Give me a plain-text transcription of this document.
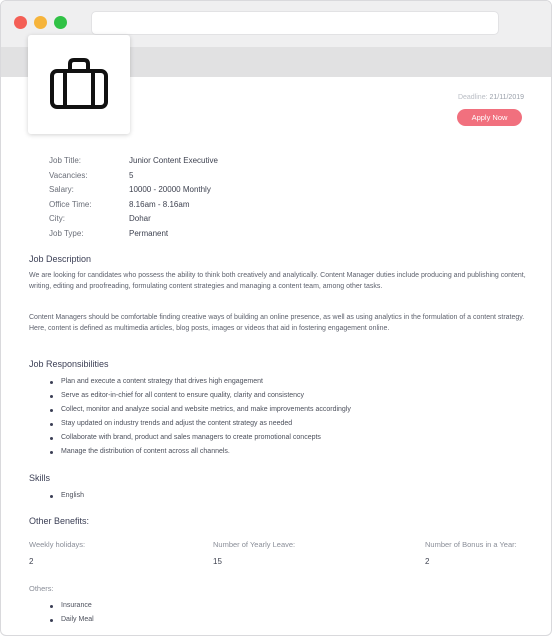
Deadline: 21/11/2019
Apply Now
Job Title:	Junior Content Executive
Vacancies:	5
Salary:	10000 - 20000 Monthly
Office Time:	8.16am - 8.16am
City:	Dohar
Job Type:	Permanent
Job Description

We are looking for candidates who possess the ability to think both creatively and analytically. Content Manager duties include producing and publishing content, writing, editing and proofreading, formulating content strategies and managing a content team, among other tasks.

Content Managers should be comfortable finding creative ways of building an online presence, as well as using analytics in the formulation of a content strategy. Here, content is defined as multimedia articles, blog posts, images or videos that aid in fostering engagement online.

Job Responsibilities
Plan and execute a content strategy that drives high engagement
Serve as editor-in-chief for all content to ensure quality, clarity and consistency
Collect, monitor and analyze social and website metrics, and make improvements accordingly
Stay updated on industry trends and adjust the content strategy as needed
Collaborate with brand, product and sales managers to create promotional concepts
Manage the distribution of content across all channels.
Skills
English
Other Benefits:
Weekly holidays:
2
Number of Yearly Leave:
15
Number of Bonus in a Year:
2
Others:
Insurance
Daily Meal
